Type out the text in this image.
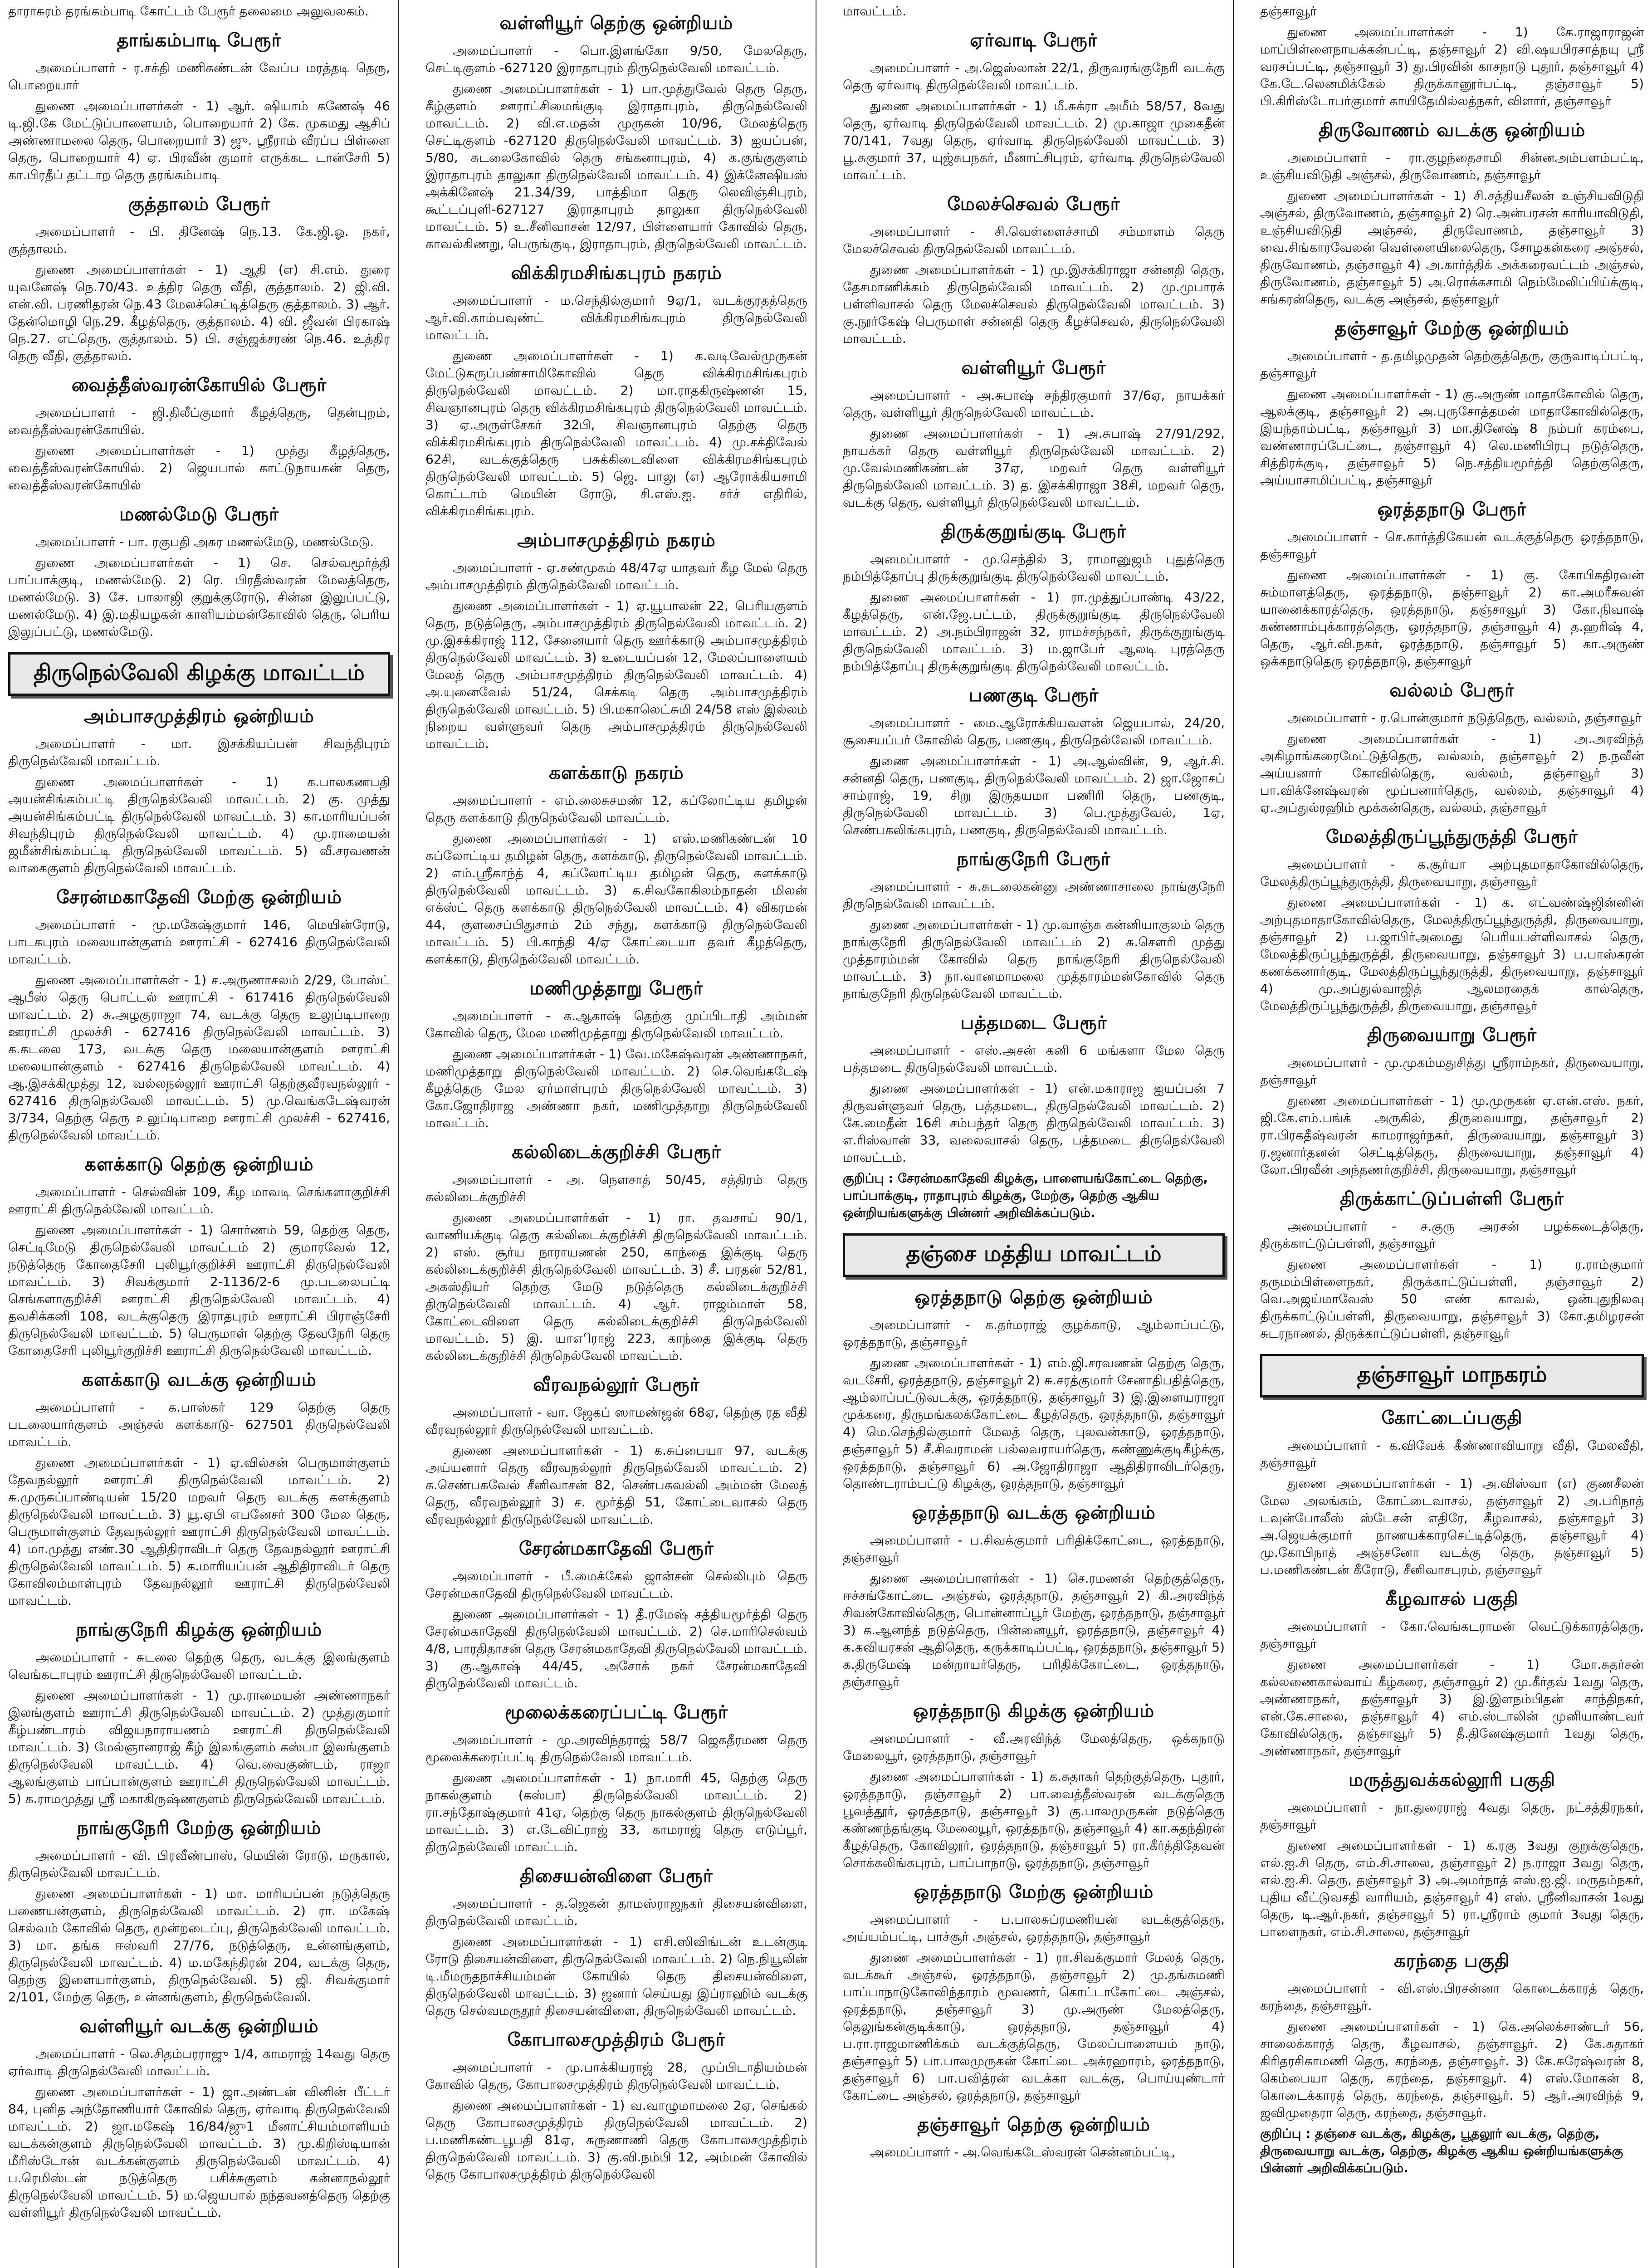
தாராசுரம் தரங்கம்பாடி கோட்டம் பேரூர் தலைமை அலுவலகம்.

தாங்கம்பாடி பேரூர்

அமைப்பாளர் - ர.சக்தி மணிகண்டன் வேப்ப மரத்தடி தெரு, பொறையார்

துணை அமைப்பாளர்கள் - 1) ஆர். ஷியாம் கணேஷ் 46 டி.ஜி.கே மேட்டுப்பாளையம், பொறையார் 2) கே. முகமது ஆசிப் அண்ணாமலை தெரு, பொறையார் 3) ஜு. ஸ்ரீராம் வீரப்ப பிள்ளை தெரு, பொறையார் 4) ஏ. பிரவீன் குமார் எருக்கட டான்சேரி 5) கா.பிரதீப் தட்டாற தெரு தரங்கம்பாடி

குத்தாலம் பேரூர்

அமைப்பாளர் - பி. தினேஷ் நெ.13. கே.ஜி.ஓ. நகர், குத்தாலம்.

துணை அமைப்பாளர்கள் - 1) ஆதி (எ) சி.எம். துரை யுவனேஷ் நெ.70/43. உத்திர தெரு வீதி, குத்தாலம். 2) ஜி.வி. என்.வி. பரணிதரன் நெ.43 மேலச்செட்டித்தெரு குத்தாலம். 3) ஆர். தேன்மொழி நெ.29. கீழத்தெரு, குத்தாலம். 4) வி. ஜீவன் பிரகாஷ் நெ.27. எட்தெரு, குத்தாலம். 5) பி. சஞ்ஜக்சரண் நெ.46. உத்திர தெரு வீதி, குத்தாலம்.

வைத்தீஸ்வரன்கோயில் பேரூர்

அமைப்பாளர் - ஜி.திலீப்குமார் கீழத்தெரு, தென்புறம், வைத்தீஸ்வரன்கோயில்.

துணை அமைப்பாளர்கள் - 1) முத்து கீழத்தெரு, வைத்தீஸ்வரன்கோயில். 2) ஜெயபால் காட்டுநாயகன் தெரு, வைத்தீஸ்வரன்கோயில்

மணல்மேடு பேரூர்

அமைப்பாளர் - பா. ரகுபதி அசுர மணல்மேடு, மணல்மேடு.

துணை அமைப்பாளர்கள் - 1) செ. செல்வமூர்த்தி பாப்பாக்குடி, மணல்மேடு. 2) ரெ. பிரதீஸ்வரன் மேலத்தெரு, மணல்மேடு. 3) சே. பாலாஜி குறுக்குரோடு, சின்ன இலுப்பட்டு, மணல்மேடு. 4) இ.மதியழகன் காளியம்மன்கோவில் தெரு, பெரிய இலுப்பட்டு, மணல்மேடு.

திருநெல்வேலி கிழக்கு மாவட்டம்
அம்பாசமுத்திரம் ஒன்றியம்

அமைப்பாளர் - மா. இசக்கியப்பன் சிவந்திபுரம் திருநெல்வேலி மாவட்டம்.

துணை அமைப்பாளர்கள் - 1) க.பாலகணபதி அயன்சிங்கம்பட்டி திருநெல்வேலி மாவட்டம். 2) கு. முத்து அயன்சிங்கம்பட்டி திருநெல்வேலி மாவட்டம். 3) கா.மாரியப்பன் சிவந்திபுரம் திருநெல்வேலி மாவட்டம். 4) மு.ராமையன் ஜமீன்சிங்கம்பட்டி திருநெல்வேலி மாவட்டம். 5) வீ.சரவணன் வாகைகுளம் திருநெல்வேலி மாவட்டம்.

சேரன்மகாதேவி மேற்கு ஒன்றியம்

அமைப்பாளர் - மு.மகேஷ்குமார் 146, மெயின்ரோடு, பாடகபுரம் மலையான்குளம் ஊராட்சி - 627416 திருநெல்வேலி மாவட்டம்.

துணை அமைப்பாளர்கள் - 1) ச.அருணாசலம் 2/29, போஸ்ட் ஆபீஸ் தெரு பொட்டல் ஊராட்சி - 617416 திருநெல்வேலி மாவட்டம். 2) சு.அழகுராஜா 74, வடக்கு தெரு உலுப்டிபாறை ஊராட்சி முலச்சி - 627416 திருநெல்வேலி மாவட்டம். 3) க.கடலை 173, வடக்கு தெரு மலையான்குளம் ஊராட்சி மலையான்குளம் - 627416 திருநெல்வேலி மாவட்டம். 4) ஆ.இசக்கிமுத்து 12, வல்லநல்லூர் ஊராட்சி தெற்குவீரவநல்லூர் - 627416 திருநெல்வேலி மாவட்டம். 5) மு.வெங்கடேஷ்வரன் 3/734, தெற்கு தெரு உலுப்டிபாறை ஊராட்சி முலச்சி - 627416, திருநெல்வேலி மாவட்டம்.

களக்காடு தெற்கு ஒன்றியம்

அமைப்பாளர் - செல்வின் 109, கீழ மாவடி செங்களாகுறிச்சி ஊராட்சி திருநெல்வேலி மாவட்டம்.

துணை அமைப்பாளர்கள் - 1) சொர்ணம் 59, தெற்கு தெரு, செட்டிமேடு திருநெல்வேலி மாவட்டம் 2) குமாரவேல் 12, நடுத்தெரு கோதைசேரி புலியூர்குறிச்சி ஊராட்சி திருநெல்வேலி மாவட்டம். 3) சிவக்குமார் 2-1136/2-6 மு.படலைபட்டி செங்களாகுறிச்சி ஊராட்சி திருநெல்வேலி மாவட்டம். 4) தவசிக்கனி 108, வடக்குதெரு இராதபுரம் ஊராட்சி பிராஞ்சேரி திருநெல்வேலி மாவட்டம். 5) பெருமாள் தெற்கு தேவநேரி தெரு கோதைசேரி புலியூர்குறிச்சி ஊராட்சி திருநெல்வேலி மாவட்டம்.

களக்காடு வடக்கு ஒன்றியம்

அமைப்பாளர் - க.பாஸ்கர் 129 தெற்கு தெரு படலையார்குளம் அஞ்சல் களக்காடு- 627501 திருநெல்வேலி மாவட்டம்.

துணை அமைப்பாளர்கள் - 1) ஏ.வில்சன் பெருமாள்குளம் தேவநல்லூர் ஊராட்சி திருநெல்வேலி மாவட்டம். 2) சு.முருகப்பாண்டியன் 15/20 மறவர் தெரு வடக்கு களக்குளம் திருநெல்வேலி மாவட்டம். 3) யூ.ஏபி எபனேசர் 300 மேல தெரு, பெருமாள்குளம் தேவநல்லூர் ஊராட்சி திருநெல்வேலி மாவட்டம். 4) மா.முத்து எண்.30 ஆதிதிராவிடர் தெரு தேவநல்லூர் ஊராட்சி திருநெல்வேலி மாவட்டம். 5) க.மாரியப்பன் ஆதிதிராவிடர் தெரு கோவிலம்மாள்புரம் தேவநல்லூர் ஊராட்சி திருநெல்வேலி மாவட்டம்.

நாங்குநேரி கிழக்கு ஒன்றியம்

அமைப்பாளர் - சுடலை தெற்கு தெரு, வடக்கு இலங்குளம் வெங்கடாபுரம் ஊராட்சி திருநெல்வேலி மாவட்டம்.

துணை அமைப்பாளர்கள் - 1) மு.ராமையன் அண்ணாநகர் இலங்குளம் ஊராட்சி திருநெல்வேலி மாவட்டம். 2) முத்துகுமார் கீழ்பண்டாரம் விஜயநாராயணம் ஊராட்சி திருநெல்வேலி மாவட்டம். 3) மேல்ஞானராஜ் கீழ் இலங்குளம் கஸ்பா இலங்குளம் திருநெல்வேலி மாவட்டம். 4) வெ.வைகுண்டம், ராஜா ஆலங்குளம் பாப்பான்குளம் ஊராட்சி திருநெல்வேலி மாவட்டம். 5) க.ராமமுத்து ஸ்ரீ மகாகிருஷ்ணகுளம் திருநெல்வேலி மாவட்டம்.

நாங்குநேரி மேற்கு ஒன்றியம்

அமைப்பாளர் - வி. பிரவீண்பாஸ், மெயின் ரோடு, மருகால், திருநெல்வேலி மாவட்டம்.

துணை அமைப்பாளர்கள் - 1) மா. மாரியப்பன் நடுத்தெரு பணையன்குளம், திருநெல்வேலி மாவட்டம். 2) ரா. மகேஷ் செல்வம் கோவில் தெரு, மூன்றடைப்பு, திருநெல்வேலி மாவட்டம். 3) மா. தங்க ஈஸ்வரி 27/76, நடுத்தெரு, உன்னங்குளம், திருநெல்வேலி மாவட்டம். 4) ம.மகேந்திரன் 204, வடக்கு தெரு, தெற்கு இளையார்குளம், திருநெல்வேலி. 5) ஜி. சிவக்குமார் 2/101, மேற்கு தெரு, உன்னங்குளம், திருநெல்வேலி.

வள்ளியூர் வடக்கு ஒன்றியம்

அமைப்பாளர் - லெ.சிதம்பரராஜு 1/4, காமராஜ் 14வது தெரு ஏர்வாடி திருநெல்வேலி மாவட்டம்.

துணை அமைப்பாளர்கள் - 1) ஜா.அண்டன் வினின் பீட்டர் 84, புனித அந்தோணியார் கோவில் தெரு, ஏர்வாடி திருநெல்வேலி மாவட்டம். 2) ஜா.மகேஷ் 16/84/ஜு1 மீனாட்சியம்மாளியம் வடக்கன்குளம் திருநெல்வேலி மாவட்டம். 3) மு.கிறிஸ்டியான் மீரிஸ்டோன் வடக்கன்குளம் திருநெல்வேலி மாவட்டம். 4) ப.ரெமிஸ்டன் நடுத்தெரு பசிச்சுகுளம் கன்னாநல்லூர் திருநெல்வேலி மாவட்டம். 5) ம.ஜெயபால் நந்தவனத்தெரு தெற்கு வள்ளியூர் திருநெல்வேலி மாவட்டம்.

வள்ளியூர் தெற்கு ஒன்றியம்

அமைப்பாளர் - பொ.இளங்கோ 9/50, மேலதெரு, செட்டிகுளம் -627120 இராதாபுரம் திருநெல்வேலி மாவட்டம்.

துணை அமைப்பாளர்கள் - 1) பா.முத்துவேல் தெரு தெரு, கீழ்குளம் ஊராட்சிமைங்குடி இராதாபுரம், திருநெல்வேலி மாவட்டம். 2) வி.எ.மதன் முருகன் 10/96, மேலத்தெரு செட்டிகுளம் -627120 திருநெல்வேலி மாவட்டம். 3) ஐயப்பன், 5/80, சுடலைகோவில் தெரு சங்கனாபுரம், 4) க.குங்குகுளம் இராதாபுரம் தாலுகா திருநெல்வேலி மாவட்டம். 4) இக்னேஷியஸ் அக்கினேஷ் 21.34/39, பாத்திமா தெரு லெவிஞ்சிபுரம், கூட்டப்புளி-627127 இராதாபுரம் தாலுகா திருநெல்வேலி மாவட்டம். 5) உ.சீனிவாசன் 12/97, பிள்ளையார் கோவில் தெரு, காவல்கிணறு, பெருங்குடி, இராதாபுரம், திருநெல்வேலி மாவட்டம்.

விக்கிரமசிங்கபுரம் நகரம்

அமைப்பாளர் - ம.செந்தில்குமார் 9ஏ/1, வடக்குரதத்தெரு ஆர்.வி.காம்பவுண்ட் விக்கிரமசிங்கபுரம் திருநெல்வேலி மாவட்டம்.

துணை அமைப்பாளர்கள் - 1) க.வடிவேல்முருகன் மேட்டுகருப்பண்சாமிகோவில் தெரு விக்கிரமசிங்கபுரம் திருநெல்வேலி மாவட்டம். 2) மா.ராதகிருஷ்ணன் 15, சிவஞானபுரம் தெரு விக்கிரமசிங்கபுரம் திருநெல்வேலி மாவட்டம். 3) ஏ.அருள்சேகர் 32பி, சிவஞானபுரம் தெற்கு தெரு விக்கிரமசிங்கபுரம் திருநெல்வேலி மாவட்டம். 4) மு.சக்திவேல் 62சி, வடக்குத்தெரு பசுக்கிடைவிளை விக்கிரமசிங்கபுரம் திருநெல்வேலி மாவட்டம். 5) ஜெ. பாலு (எ) ஆரோக்கியசாமி கொட்டாம் மெயின் ரோடு, சி.எஸ்.ஐ. சர்ச் எதிரில், விக்கிரமசிங்கபுரம்.

அம்பாசமுத்திரம் நகரம்

அமைப்பாளர் - ஏ.சண்முகம் 48/47ஏ யாதவர் கீழ மேல் தெரு அம்பாசமுத்திரம் திருநெல்வேலி மாவட்டம்.

துணை அமைப்பாளர்கள் - 1) ஏ.யூபாலன் 22, பெரியகுளம் தெரு, நடுத்தெரு, அம்பாசமுத்திரம் திருநெல்வேலி மாவட்டம். 2) மு.இசக்கிராஜ் 112, சேனையார் தெரு ஊர்க்காடு அம்பாசமுத்திரம் திருநெல்வேலி மாவட்டம். 3) உடையப்பன் 12, மேலப்பாளையம் மேலத் தெரு அம்பாசமுத்திரம் திருநெல்வேலி மாவட்டம். 4) அ.யுனைவேல் 51/24, செக்கடி தெரு அம்பாசமுத்திரம் திருநெல்வேலி மாவட்டம். 5) பி.மகாலெட்சுமி 24/58 எஸ் இல்லம் நிறைய வள்ளுவர் தெரு அம்பாசமுத்திரம் திருநெல்வேலி மாவட்டம்.

களக்காடு நகரம்

அமைப்பாளர் - எம்.லைசுசமண் 12, கப்லோட்டிய தமிழன் தெரு களக்காடு திருநெல்வேலி மாவட்டம்.

துணை அமைப்பாளர்கள் - 1) எஸ்.மணிகண்டன் 10 கப்லோட்டிய தமிழன் தெரு, களக்காடு, திருநெல்வேலி மாவட்டம். 2) எம்.ஸ்ரீகாந்த் 4, கப்லோட்டிய தமிழன் தெரு, களக்காடு திருநெல்வேலி மாவட்டம். 3) க.சிவகோகிலம்நாதன் மிலன் எக்ஸ்ட் தெரு களக்காடு திருநெல்வேலி மாவட்டம். 4) விகரமன் 44, குளசைப்பிதுசாம் 2ம் சந்து, களக்காடு திருநெல்வேலி மாவட்டம். 5) பி.காந்தி 4/ஏ கோட்டையா தவர் கீழத்தெரு, களக்காடு, திருநெல்வேலி மாவட்டம்.

மணிமுத்தாறு பேரூர்

அமைப்பாளர் - க.ஆகாஷ் தெற்கு முப்பிடாதி அம்மன் கோவில் தெரு, மேல மணிமுத்தாறு திருநெல்வேலி மாவட்டம்.

துணை அமைப்பாளர்கள் - 1) வே.மகேஷ்வரன் அண்ணாநகர், மணிமுத்தாறு திருநெல்வேலி மாவட்டம். 2) செ.வெங்கடேஷ் கீழத்தெரு மேல ஏர்மாள்புரம் திருநெல்வேலி மாவட்டம். 3) கோ.ஜோதிராஜ அண்ணா நகர், மணிமுத்தாறு திருநெல்வேலி மாவட்டம்.

கல்லிடைக்குறிச்சி பேரூர்

அமைப்பாளர் - அ. நௌசாத் 50/45, சத்திரம் தெரு கல்லிடைக்குறிச்சி

துணை அமைப்பாளர்கள் - 1) ரா. தவசாய் 90/1, வாணியக்குடி தெரு கல்லிடைக்குறிச்சி திருநெல்வேலி மாவட்டம். 2) எஸ். சூர்ய நாராயணன் 250, காந்தை இக்குடி தெரு கல்லிடைக்குறிச்சி திருநெல்வேலி மாவட்டம். 3) சீ. பரதன் 52/81, அகஸ்தியர் தெற்கு மேடு நடுத்தெரு கல்லிடைக்குறிச்சி திருநெல்வேலி மாவட்டம். 4) ஆர். ராஜம்மாள் 58, கோட்டைவிளை தெரு கல்லிடைக்குறிச்சி திருநெல்வேலி மாவட்டம். 5) இ. யாஎிராஜ் 223, காந்தை இக்குடி தெரு கல்லிடைக்குறிச்சி திருநெல்வேலி மாவட்டம்.

வீரவநல்லூர் பேரூர்

அமைப்பாளர் - வா. ஜேகப் ஸாமண்ஜன் 68ஏ, தெற்கு ரத வீதி வீரவநல்லூர் திருநெல்வேலி மாவட்டம்.

துணை அமைப்பாளர்கள் - 1) க.சுப்பையா 97, வடக்கு அய்யனார் தெரு வீரவநல்லூர் திருநெல்வேலி மாவட்டம். 2) க.செண்பகவேல் சீனிவாசன் 82, செண்பகவல்லி அம்மன் மேலத் தெரு, வீரவநல்லூர் 3) ச. மூர்த்தி 51, கோட்டைவாசல் தெரு வீரவநல்லூர் திருநெல்வேலி மாவட்டம்.

சேரன்மகாதேவி பேரூர்

அமைப்பாளர் - பீ.மைக்கேல் ஜான்சன் செல்லிபும் தெரு சேரன்மகாதேவி திருநெல்வேலி மாவட்டம்.

துணை அமைப்பாளர்கள் - 1) தீ.ரமேஷ் சத்தியமூர்த்தி தெரு சேரன்மகாதேவி திருநெல்வேலி மாவட்டம். 2) செ.மாரிசெல்வம் 4/8, பாரதிதாசன் தெரு சேரன்மகாதேவி திருநெல்வேலி மாவட்டம். 3) கு.ஆகாஷ் 44/45, அசோக் நகர் சேரன்மகாதேவி திருநெல்வேலி மாவட்டம்.

மூலைக்கரைப்பட்டி பேரூர்

அமைப்பாளர் - மு.அரவிந்தராஜ் 58/7 ஜெகதீரமண தெரு மூலைக்கரைப்பட்டி திருநெல்வேலி மாவட்டம்.

துணை அமைப்பாளர்கள் - 1) நா.மாரி 45, தெற்கு தெரு நாகல்குளம் (கஸ்பா) திருநெல்வேலி மாவட்டம். 2) ரா.சந்தோஷ்குமார் 41ஏ, தெற்கு தெரு நாகல்குளம் திருநெல்வேலி மாவட்டம். 3) எ.டேவிட்ராஜ் 33, காமராஜ் தெரு எடுப்பூர், திருநெல்வேலி மாவட்டம்.

திசையன்விளை பேரூர்

அமைப்பாளர் - த.ஜெகன் தாமஸ்ராஜநகர் திசையன்விளை, திருநெல்வேலி மாவட்டம்.

துணை அமைப்பாளர்கள் - 1) எசி.ஸிவிங்டன் உடன்குடி ரோடு திசையன்விளை, திருநெல்வேலி மாவட்டம். 2) நெ.நியூலின் டி.மீமருதநாச்சியம்மன் கோயில் தெரு திசையன்விளை, திருநெல்வேலி மாவட்டம். 3) ஜனார் செய்யது இப்ராஹிம் வடக்கு தெரு செல்வமருதூர் திசையன்விளை, திருநெல்வேலி மாவட்டம்.

கோபாலசமுத்திரம் பேரூர்

அமைப்பாளர் - மு.பாக்கியராஜ் 28, முப்பிடாதியம்மன் கோவில் தெரு, கோபாலசமுத்திரம் திருநெல்வேலி மாவட்டம்.

துணை அமைப்பாளர்கள் - 1) வ.வாழுமாமலை 2ஏ, செங்கல் தெரு கோபாலசமுத்திரம் திருநெல்வேலி மாவட்டம். 2) ப.மணிகண்டபூபதி 81ஏ, சுருணாணி தெரு கோபாலசமுத்திரம் திருநெல்வேலி மாவட்டம். 3) கு.வி.நம்பி 12, அம்மன் கோவில் தெரு கோபாலசமுத்திரம் திருநெல்வேலி

மாவட்டம்.

ஏர்வாடி பேரூர்

அமைப்பாளர் - அ.ஜெஸ்லான் 22/1, திருவரங்குநேரி வடக்கு தெரு ஏர்வாடி திருநெல்வேலி மாவட்டம்.

துணை அமைப்பாளர்கள் - 1) மீ.சுக்ரா அமீம் 58/57, 8வது தெரு, ஏர்வாடி திருநெல்வேலி மாவட்டம். 2) மு.காஜா முகைதீன் 70/141, 7வது தெரு, ஏர்வாடி திருநெல்வேலி மாவட்டம். 3) பூ.சுகுமார் 37, யுஜ்சுபநகர், மீனாட்சிபுரம், ஏர்வாடி திருநெல்வேலி மாவட்டம்.

மேலச்செவல் பேரூர்

அமைப்பாளர் - சி.வெள்ளைச்சாமி சம்மாளம் தெரு மேலச்செவல் திருநெல்வேலி மாவட்டம்.

துணை அமைப்பாளர்கள் - 1) மு.இசக்கிராஜா சன்னதி தெரு, தேசமாணிக்கம் திருநெல்வேலி மாவட்டம். 2) மு.முபாரக் பள்ளிவாசல் தெரு மேலச்செவல் திருநெல்வேலி மாவட்டம். 3) கு.நூர்கேஷ் பெருமாள் சன்னதி தெரு கீழச்செவல், திருநெல்வேலி மாவட்டம்.

வள்ளியூர் பேரூர்

அமைப்பாளர் - அ.சுபாஷ் சந்திரகுமார் 37/6ஏ, நாயக்கர் தெரு, வள்ளியூர் திருநெல்வேலி மாவட்டம்.

துணை அமைப்பாளர்கள் - 1) அ.சுபாஷ் 27/91/292, நாயக்கர் தெரு வள்ளியூர் திருநெல்வேலி மாவட்டம். 2) மு.வேல்மணிகண்டன் 37ஏ, மறவர் தெரு வள்ளியூர் திருநெல்வேலி மாவட்டம். 3) த. இசக்கிராஜா 38சி, மறவர் தெரு, வடக்கு தெரு, வள்ளியூர் திருநெல்வேலி மாவட்டம்.

திருக்குறுங்குடி பேரூர்

அமைப்பாளர் - மு.செந்தில் 3, ராமானுஜம் புதுத்தெரு நம்பித்தோப்பு திருக்குறுங்குடி திருநெல்வேலி மாவட்டம்.

துணை அமைப்பாளர்கள் - 1) ரா.முத்துப்பாண்டி 43/22, கீழத்தெரு, என்.ஜே.பட்டம், திருக்குறுங்குடி திருநெல்வேலி மாவட்டம். 2) அ.நம்பிராஜன் 32, ராமச்சந்நகர், திருக்குறுங்குடி திருநெல்வேலி மாவட்டம். 3) ம.ஜாபேர் ஆலடி புரத்தெரு நம்பித்தோப்பு திருக்குறுங்குடி திருநெல்வேலி மாவட்டம்.

பணகுடி பேரூர்

அமைப்பாளர் - மை.ஆரோக்கியவளன் ஜெயபால், 24/20, சூசையப்பர் கோவில் தெரு, பணகுடி, திருநெல்வேலி மாவட்டம்.

துணை அமைப்பாளர்கள் - 1) அ.ஆல்வின், 9, ஆர்.சி. சன்னதி தெரு, பணகுடி, திருநெல்வேலி மாவட்டம். 2) ஜா.ஜோசப் சாம்ராஜ், 19, சிறு இருதயமா பணிரி தெரு, பணகுடி, திருநெல்வேலி மாவட்டம். 3) பெ.முத்துவேல், 1ஏ, செண்பகலிங்கபுரம், பணகுடி, திருநெல்வேலி மாவட்டம்.

நாங்குநேரி பேரூர்

அமைப்பாளர் - சு.சுடலைகன்னு அண்ணாசாலை நாங்குநேரி திருநெல்வேலி மாவட்டம்.

துணை அமைப்பாளர்கள் - 1) மு.வாஞ்சு கன்னியாகுலம் தெரு நாங்குநேரி திருநெல்வேலி மாவட்டம் 2) சு.சௌரி முத்து முத்தாரம்மன் கோவில் தெரு நாங்குநேரி திருநெல்வேலி மாவட்டம். 3) நா.வானமாமலை முத்தாரம்மன்கோவில் தெரு நாங்குநேரி திருநெல்வேலி மாவட்டம்.

பத்தமடை பேரூர்

அமைப்பாளர் - எஸ்.அசன் கனி 6 மங்களா மேல தெரு பத்தமடை திருநெல்வேலி மாவட்டம்.

துணை அமைப்பாளர்கள் - 1) என்.மகாராஜ ஐயப்பன் 7 திருவள்ளுவர் தெரு, பத்தமடை, திருநெல்வேலி மாவட்டம். 2) கே.மைதீன் 16சி சம்பந்தர் தெரு திருநெல்வேலி மாவட்டம். 3) எ.ரிஸ்வான் 33, வலைவாசல் தெரு, பத்தமடை திருநெல்வேலி மாவட்டம்.

குறிப்பு : சேரன்மகாதேவி கிழக்கு, பாளையங்கோட்டை தெற்கு, பாப்பாக்குடி, ராதாபுரம் கிழக்கு, மேற்கு, தெற்கு ஆகிய ஒன்றியங்களுக்கு பின்னர் அறிவிக்கப்படும்.

தஞ்சை மத்திய மாவட்டம்
ஒரத்தநாடு தெற்கு ஒன்றியம்

அமைப்பாளர் - க.தர்மராஜ் குழக்காடு, ஆம்லாப்பட்டு, ஒரத்தநாடு, தஞ்சாவூர்

துணை அமைப்பாளர்கள் - 1) எம்.ஜி.சரவணன் தெற்கு தெரு, வடசேரி, ஒரத்தநாடு, தஞ்சாவூர் 2) சு.சரத்குமார் சேனாதிபதித்தெரு, ஆம்லாப்பட்டுவடக்கு, ஒரத்தநாடு, தஞ்சாவூர் 3) இ.இளையராஜா முக்கரை, திருமங்கலக்கோட்டை கீழத்தெரு, ஒரத்தநாடு, தஞ்சாவூர் 4) மெ.செந்தில்குமார் மேலத் தெரு, புலவன்காடு, ஒரத்தநாடு, தஞ்சாவூர் 5) சீ.சிவராமன் பல்லவராயர்தெரு, கண்ணுக்குடிகீழ்க்கு, ஒரத்தநாடு, தஞ்சாவூர் 6) அ.ஜோதிராஜா ஆதிதிராவிடர்தெரு, தொண்டராம்பட்டு கிழக்கு, ஒரத்தநாடு, தஞ்சாவூர்

ஒரத்தநாடு வடக்கு ஒன்றியம்

அமைப்பாளர் - ப.சிவக்குமார் பரிதிக்கோட்டை, ஒரத்தநாடு, தஞ்சாவூர்

துணை அமைப்பாளர்கள் - 1) செ.ரமணன் தெற்குத்தெரு, ஈச்சங்கோட்டை அஞ்சல், ஒரத்தநாடு, தஞ்சாவூர் 2) கி.அரவிந்த் சிவன்கோவில்தெரு, பொன்னாப்பூர் மேற்கு, ஒரத்தநாடு, தஞ்சாவூர் 3) க.ஆனந்த் நடுத்தெரு, பின்னையூர், ஒரத்தநாடு, தஞ்சாவூர் 4) க.கவியரசன் ஆதிதெரு, கருக்காடிப்பட்டி, ஒரத்தநாடு, தஞ்சாவூர் 5) க.திருமேஷ் மன்றாயர்தெரு, பரிதிக்கோட்டை, ஒரத்தநாடு, தஞ்சாவூர்

ஒரத்தநாடு கிழக்கு ஒன்றியம்

அமைப்பாளர் - வீ.அரவிந்த் மேலத்தெரு, ஒக்கநாடு மேலையூர், ஒரத்தநாடு, தஞ்சாவூர்

துணை அமைப்பாளர்கள் - 1) க.சுதாகர் தெற்குத்தெரு, புதூர், ஒரத்தநாடு, தஞ்சாவூர் 2) பா.வைத்தீஸ்வரன் வடக்குதெரு பூவத்தூர், ஒரத்தநாடு, தஞ்சாவூர் 3) கு.பாலமுருகன் நடுத்தெரு கண்ணந்தங்குடி மேலையூர், ஒரத்தநாடு, தஞ்சாவூர் 4) கா.சுதந்திரன் கீழத்தெரு, கோவிலூர், ஒரத்தநாடு, தஞ்சாவூர் 5) ரா.கீர்த்திதேவன் சொக்கலிங்கபுரம், பாப்பாநாடு, ஒரத்தநாடு, தஞ்சாவூர்

ஒரத்தநாடு மேற்கு ஒன்றியம்

அமைப்பாளர் - ப.பாலசுப்ரமணியன் வடக்குத்தெரு, அய்யம்பட்டி, பாச்சூர் அஞ்சல், ஒரத்தநாடு, தஞ்சாவூர்

துணை அமைப்பாளர்கள் - 1) ரா.சிவக்குமார் மேலத் தெரு, வடக்கூர் அஞ்சல், ஒரத்தநாடு, தஞ்சாவூர் 2) மு.தங்கமணி பாப்பாநாடுகோவிந்தாரம் மூவணர், கொட்டாகோட்டை அஞ்சல், ஒரத்தநாடு, தஞ்சாவூர் 3) மு.அருண் மேலத்தெரு, தெலுங்கன்குடிக்காடு, ஒரத்தநாடு, தஞ்சாவூர் 4) ப.ரா.ராஜமாணிக்கம் வடக்குத்தெரு, மேலப்பாளையம் நாடு, தஞ்சாவூர் 5) பா.பாலமுருகன் கோட்டை அக்ரஹாரம், ஒரத்தநாடு, தஞ்சாவூர் 6) பா.பவித்ரன் வடக்கா வடக்கு, பொய்யுண்டார் கோட்டை அஞ்சல், ஒரத்தநாடு, தஞ்சாவூர்

தஞ்சாவூர் தெற்கு ஒன்றியம்

அமைப்பாளர் - அ.வெங்கடேஸ்வரன் சென்னம்பட்டி,

தஞ்சாவூர்

துணை அமைப்பாளர்கள் - 1) கே.ராஜாராஜன் மாப்பிள்ளைநாயக்கன்பட்டி, தஞ்சாவூர் 2) வி.ஷயபிரசாத்நயு ஸ்ரீ வரசப்பட்டி, தஞ்சாவூர் 3) து.பிரவின் காசநாடு புதூர், தஞ்சாவூர் 4) கே.டே.லெனமிக்கேல் திருக்கானூர்பட்டி, தஞ்சாவூர் 5) பி.கிரிஸ்டோபர்குமார் காயிதேமில்லத்நகர், விளார், தஞ்சாவூர்

திருவோணம் வடக்கு ஒன்றியம்

அமைப்பாளர் - ரா.குழந்தைசாமி சின்னஅம்பளம்பட்டி, உஞ்சியவிடுதி அஞ்சல், திருவோணம், தஞ்சாவூர்

துணை அமைப்பாளர்கள் - 1) சி.சத்தியசீலன் உஞ்சியவிடுதி அஞ்சல், திருவோணம், தஞ்சாவூர் 2) ரெ.அன்பரசன் காரியாவிடுதி, உஞ்சியவிடுதி அஞ்சல், திருவோணம், தஞ்சாவூர் 3) வை.சிங்காரவேலன் வெள்ளையிலைதெரு, சோழகன்கரை அஞ்சல், திருவோணம், தஞ்சாவூர் 4) அ.கார்த்திக் அக்கரைவட்டம் அஞ்சல், திருவோணம், தஞ்சாவூர் 5) அ.ரொக்கசாமி நெம்மேலிப்பிய்க்குடி, சங்கரன்தெரு, வடக்கு அஞ்சல், தஞ்சாவூர்

தஞ்சாவூர் மேற்கு ஒன்றியம்

அமைப்பாளர் - த.தமிழமுதன் தெற்குத்தெரு, குருவாடிப்பட்டி, தஞ்சாவூர்

துணை அமைப்பாளர்கள் - 1) கு.அருண் மாதாகோவில் தெரு, ஆலக்குடி, தஞ்சாவூர் 2) அ.புருசோத்தமன் மாதாகோவில்தெரு, இயந்தாம்பட்டி, தஞ்சாவூர் 3) மா.தினேஷ் 8 நம்பர் கரம்பை, வண்ணாரப்பேட்டை, தஞ்சாவூர் 4) லெ.மணிபிரபு நடுத்தெரு, சித்திரக்குடி, தஞ்சாவூர் 5) நெ.சத்தியமூர்த்தி தெற்குதெரு, அய்யாசாமிப்பட்டி, தஞ்சாவூர்

ஒரத்தநாடு பேரூர்

அமைப்பாளர் - செ.கார்த்திகேயன் வடக்குத்தெரு ஒரத்தநாடு, தஞ்சாவூர்

துணை அமைப்பாளர்கள் - 1) கு. கோபிகதிரவன் சும்மாளத்தெரு, ஒரத்தநாடு, தஞ்சாவூர் 2) கா.அமரீசுவன் யானைக்காரத்தெரு, ஒரத்தநாடு, தஞ்சாவூர் 3) கோ.நிவாஷ் சுண்ணாம்புக்காரத்தெரு, ஒரத்தநாடு, தஞ்சாவூர் 4) த.ஹரிஷ் 4, தெரு, ஆர்.வி.நகர், ஒரத்தநாடு, தஞ்சாவூர் 5) கா.அருண் ஒக்கநாடுதெரு ஒரத்தநாடு, தஞ்சாவூர்

வல்லம் பேரூர்

அமைப்பாளர் - ர.பொன்குமார் நடுத்தெரு, வல்லம், தஞ்சாவூர்

துணை அமைப்பாளர்கள் - 1) அ.அரவிந்த் அகிழாங்கரைமேட்டுத்தெரு, வல்லம், தஞ்சாவூர் 2) ந.நவீன் அய்யனார் கோவில்தெரு, வல்லம், தஞ்சாவூர் 3) பா.விக்னேஷ்வரன் மூப்பனார்தெரு, வல்லம், தஞ்சாவூர் 4) ஏ.அப்துல்ரஹிம் மூக்கன்தெரு, வல்லம், தஞ்சாவூர்

மேலத்திருப்பூந்துருத்தி பேரூர்

அமைப்பாளர் - க.சூர்யா அற்புதமாதாகோவில்தெரு, மேலத்திருப்பூந்துருத்தி, திருவையாறு, தஞ்சாவூர்

துணை அமைப்பாளர்கள் - 1) க. எட்வண்ஷ்ஜின்னின் அற்புதமாதாகோவில்தெரு, மேலத்திருப்பூந்துருத்தி, திருவையாறு, தஞ்சாவூர் 2) ப.ஜாபிர்அமைது பெரியபள்ளிவாசல் தெரு, மேலத்திருப்பூந்துருத்தி, திருவையாறு, தஞ்சாவூர் 3) ப.பாஸ்கரன் கணக்கனார்குடி, மேலத்திருப்பூந்துருத்தி, திருவையாறு, தஞ்சாவூர் 4) மு.அப்துல்வாஜித் ஆலமரதைக் கால்தெரு, மேலத்திருப்பூந்துருத்தி, திருவையாறு, தஞ்சாவூர்

திருவையாறு பேரூர்

அமைப்பாளர் - மு.முகம்மதுசித்து ஸ்ரீராம்நகர், திருவையாறு, தஞ்சாவூர்

துணை அமைப்பாளர்கள் - 1) மு.முருகன் ஏ.என்.எஸ். நகர், ஜி.கே.எம்.பங்க் அருகில், திருவையாறு, தஞ்சாவூர் 2) ரா.பிரகதீஷ்வரன் காமராஜர்நகர், திருவையாறு, தஞ்சாவூர் 3) ர.ஜனார்தனன் செட்டித்தெரு, திருவையாறு, தஞ்சாவூர் 4) லோ.பிரவீன் அந்தணர்குறிச்சி, திருவையாறு, தஞ்சாவூர்

திருக்காட்டுப்பள்ளி பேரூர்

அமைப்பாளர் - ச.குரு அரசன் பழக்கடைத்தெரு, திருக்காட்டுப்பள்ளி, தஞ்சாவூர்

துணை அமைப்பாளர்கள் - 1) ர.ராம்குமார் தருமம்பிள்ளைநகர், திருக்காட்டுப்பள்ளி, தஞ்சாவூர் 2) வெ.அஜய்மாவேஸ் 50 எண் காவல், ஒன்புதுநிலவு திருக்காட்டுப்பள்ளி, திருவையாறு, தஞ்சாவூர் 3) கோ.தமிழரசன் சுடரநாணல், திருக்காட்டுப்பள்ளி, தஞ்சாவூர்

தஞ்சாவூர் மாநகரம்
கோட்டைப்பகுதி

அமைப்பாளர் - க.விவேக் கீண்ணாவியாறு வீதி, மேலவீதி, தஞ்சாவூர்

துணை அமைப்பாளர்கள் - 1) அ.விஸ்வா (எ) குணசீலன் மேல அலங்கம், கோட்டைவாசல், தஞ்சாவூர் 2) அ.பரிநாத் டவுன்போலீஸ் ஸ்டேசன் எதிரே, கீழவாசல், தஞ்சாவூர் 3) அ.ஜெயக்குமார் நாணயக்காரசெட்டித்தெரு, தஞ்சாவூர் 4) மு.கோபிநாத் அஞ்சனோ வடக்கு தெரு, தஞ்சாவூர் 5) ப.மணிகண்டன் கீரோடு, சீனிவாசபுரம், தஞ்சாவூர்

கீழவாசல் பகுதி

அமைப்பாளர் - கோ.வெங்கடராமன் வெட்டுக்காரத்தெரு, தஞ்சாவூர்

துணை அமைப்பாளர்கள் - 1) மோ.சுதர்சன் கல்லணைகால்வாய் கீழ்கரை, தஞ்சாவூர் 2) மு.கீர்தவ் 1வது தெரு, அண்ணாநகர், தஞ்சாவூர் 3) இ.இளநம்பிதன் சாந்திநகர், என்.கே.சாலை, தஞ்சாவூர் 4) எம்.ஸ்டாலின் முனியாண்டவர் கோவில்தெரு, தஞ்சாவூர் 5) தீ.தினேஷ்குமார் 1வது தெரு, அண்ணாநகர், தஞ்சாவூர்

மருத்துவக்கல்லூரி பகுதி

அமைப்பாளர் - நா.துரைராஜ் 4வது தெரு, நட்சத்திரநகர், தஞ்சாவூர்

துணை அமைப்பாளர்கள் - 1) க.ரகு 3வது குறுக்குதெரு, எல்.ஐ.சி தெரு, எம்.சி.சாலை, தஞ்சாவூர் 2) ந.ராஜா 3வது தெரு, எல்.ஐ.சி. தெரு, தஞ்சாவூர் 3) அ.அமர்நாத் எஸ்.ஐ.ஜி. மருதம்நகர், புதிய வீட்டுவசதி வாரியம், தஞ்சாவூர் 4) எஸ். ஸ்ரீனிவாசன் 1வது தெரு, டி.ஆர்.நகர், தஞ்சாவூர் 5) ரா.ஸ்ரீராம் குமார் 3வது தெரு, பாளைநகர், எம்.சி.சாலை, தஞ்சாவூர்

கரந்தை பகுதி

அமைப்பாளர் - வி.எஸ்.பிரசன்னா கொடைக்காரத் தெரு, கரந்தை, தஞ்சாவூர்.

துணை அமைப்பாளர்கள் - 1) கெ.அலெக்சாண்டர் 56, சாலைக்காரத் தெரு, கீழவாசல், தஞ்சாவூர். 2) கே.சுதாகர் கிரிதரசிகாமணி தெரு, கரந்தை, தஞ்சாவூர். 3) கே.சுரேஷ்வரன் 8, கெம்பையா தெரு, கரந்தை, தஞ்சாவூர். 4) எஸ்.மோகன் 8, கொடைக்காரத் தெரு, கரந்தை, தஞ்சாவூர். 5) ஆர்.அரவிந்த் 9, ஜவிமுதைரா தெரு, கரந்தை, தஞ்சாவூர்.

குறிப்பு : தஞ்சை வடக்கு, கிழக்கு, பூதலூர் வடக்கு, தெற்கு, திருவையாறு வடக்கு, தெற்கு, கிழக்கு ஆகிய ஒன்றியங்களுக்கு பின்னர் அறிவிக்கப்படும்.
